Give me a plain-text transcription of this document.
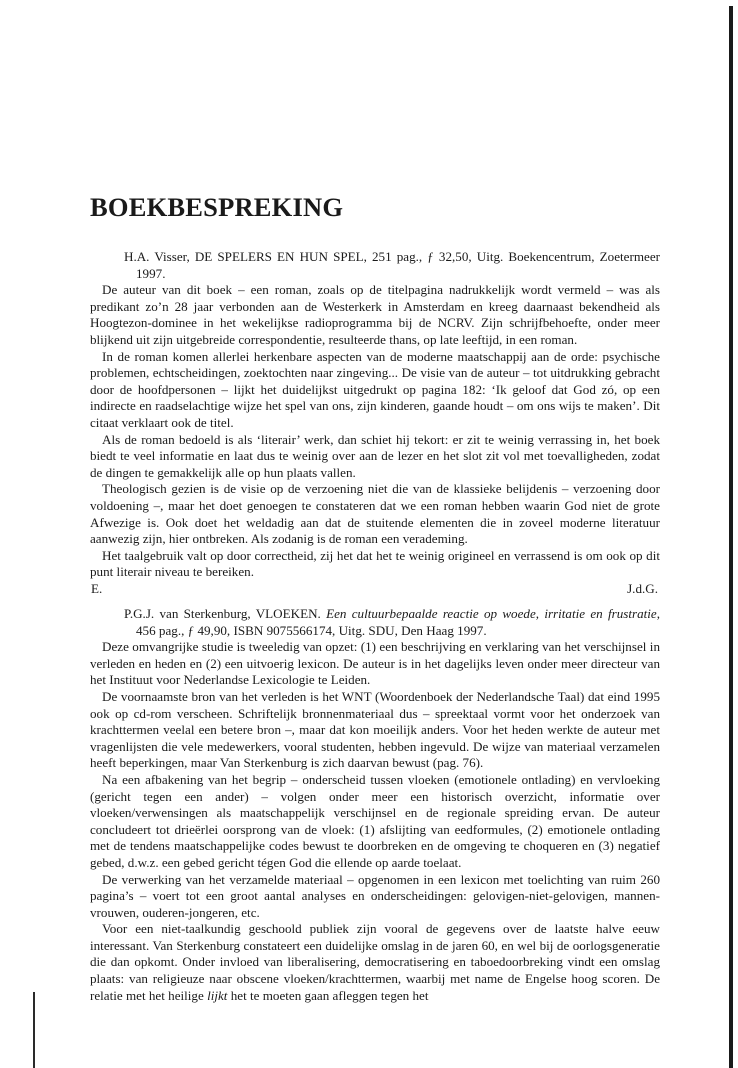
BOEKBESPREKING

H.A. Visser, DE SPELERS EN HUN SPEL, 251 pag., ƒ 32,50, Uitg. Boekencentrum, Zoetermeer 1997.

De auteur van dit boek – een roman, zoals op de titelpagina nadrukkelijk wordt vermeld – was als predikant zo’n 28 jaar verbonden aan de Westerkerk in Amsterdam en kreeg daarnaast bekendheid als Hoogtezon-dominee in het wekelijkse radioprogramma bij de NCRV. Zijn schrijfbehoefte, onder meer blijkend uit zijn uitgebreide correspondentie, resulteerde thans, op late leeftijd, in een roman.

In de roman komen allerlei herkenbare aspecten van de moderne maatschappij aan de orde: psychische problemen, echtscheidingen, zoektochten naar zingeving... De visie van de auteur – tot uitdrukking gebracht door de hoofdpersonen – lijkt het duidelijkst uitgedrukt op pagina 182: ‘Ik geloof dat God zó, op een indirecte en raadselachtige wijze het spel van ons, zijn kinderen, gaande houdt – om ons wijs te maken’. Dit citaat verklaart ook de titel.

Als de roman bedoeld is als ‘literair’ werk, dan schiet hij tekort: er zit te weinig verrassing in, het boek biedt te veel informatie en laat dus te weinig over aan de lezer en het slot zit vol met toevalligheden, zodat de dingen te gemakkelijk alle op hun plaats vallen.

Theologisch gezien is de visie op de verzoening niet die van de klassieke belijdenis – verzoening door voldoening –, maar het doet genoegen te constateren dat we een roman hebben waarin God niet de grote Afwezige is. Ook doet het weldadig aan dat de stuitende elementen die in zoveel moderne literatuur aanwezig zijn, hier ontbreken. Als zodanig is de roman een verademing.

Het taalgebruik valt op door correctheid, zij het dat het te weinig origineel en verrassend is om ook op dit punt literair niveau te bereiken.

E.	J.d.G.

P.G.J. van Sterkenburg, VLOEKEN. Een cultuurbepaalde reactie op woede, irritatie en frustratie, 456 pag., ƒ 49,90, ISBN 9075566174, Uitg. SDU, Den Haag 1997.

Deze omvangrijke studie is tweeledig van opzet: (1) een beschrijving en verklaring van het verschijnsel in verleden en heden en (2) een uitvoerig lexicon. De auteur is in het dagelijks leven onder meer directeur van het Instituut voor Nederlandse Lexicologie te Leiden.

De voornaamste bron van het verleden is het WNT (Woordenboek der Nederlandsche Taal) dat eind 1995 ook op cd-rom verscheen. Schriftelijk bronnenmateriaal dus – spreektaal vormt voor het onderzoek van krachttermen veelal een betere bron –, maar dat kon moeilijk anders. Voor het heden werkte de auteur met vragenlijsten die vele medewerkers, vooral studenten, hebben ingevuld. De wijze van materiaal verzamelen heeft beperkingen, maar Van Sterkenburg is zich daarvan bewust (pag. 76).

Na een afbakening van het begrip – onderscheid tussen vloeken (emotionele ontlading) en vervloeking (gericht tegen een ander) – volgen onder meer een historisch overzicht, informatie over vloeken/verwensingen als maatschappelijk verschijnsel en de regionale spreiding ervan. De auteur concludeert tot drieërlei oorsprong van de vloek: (1) afslijting van eedformules, (2) emotionele ontlading met de tendens maatschappelijke codes bewust te doorbreken en de omgeving te choqueren en (3) negatief gebed, d.w.z. een gebed gericht tégen God die ellende op aarde toelaat.

De verwerking van het verzamelde materiaal – opgenomen in een lexicon met toelichting van ruim 260 pagina’s – voert tot een groot aantal analyses en onderscheidingen: gelovigen-niet-gelovigen, mannen-vrouwen, ouderen-jongeren, etc.

Voor een niet-taalkundig geschoold publiek zijn vooral de gegevens over de laatste halve eeuw interessant. Van Sterkenburg constateert een duidelijke omslag in de jaren 60, en wel bij de oorlogsgeneratie die dan opkomt. Onder invloed van liberalisering, democratisering en taboedoorbreking vindt een omslag plaats: van religieuze naar obscene vloeken/krachttermen, waarbij met name de Engelse hoog scoren. De relatie met het heilige lijkt het te moeten gaan afleggen tegen het
